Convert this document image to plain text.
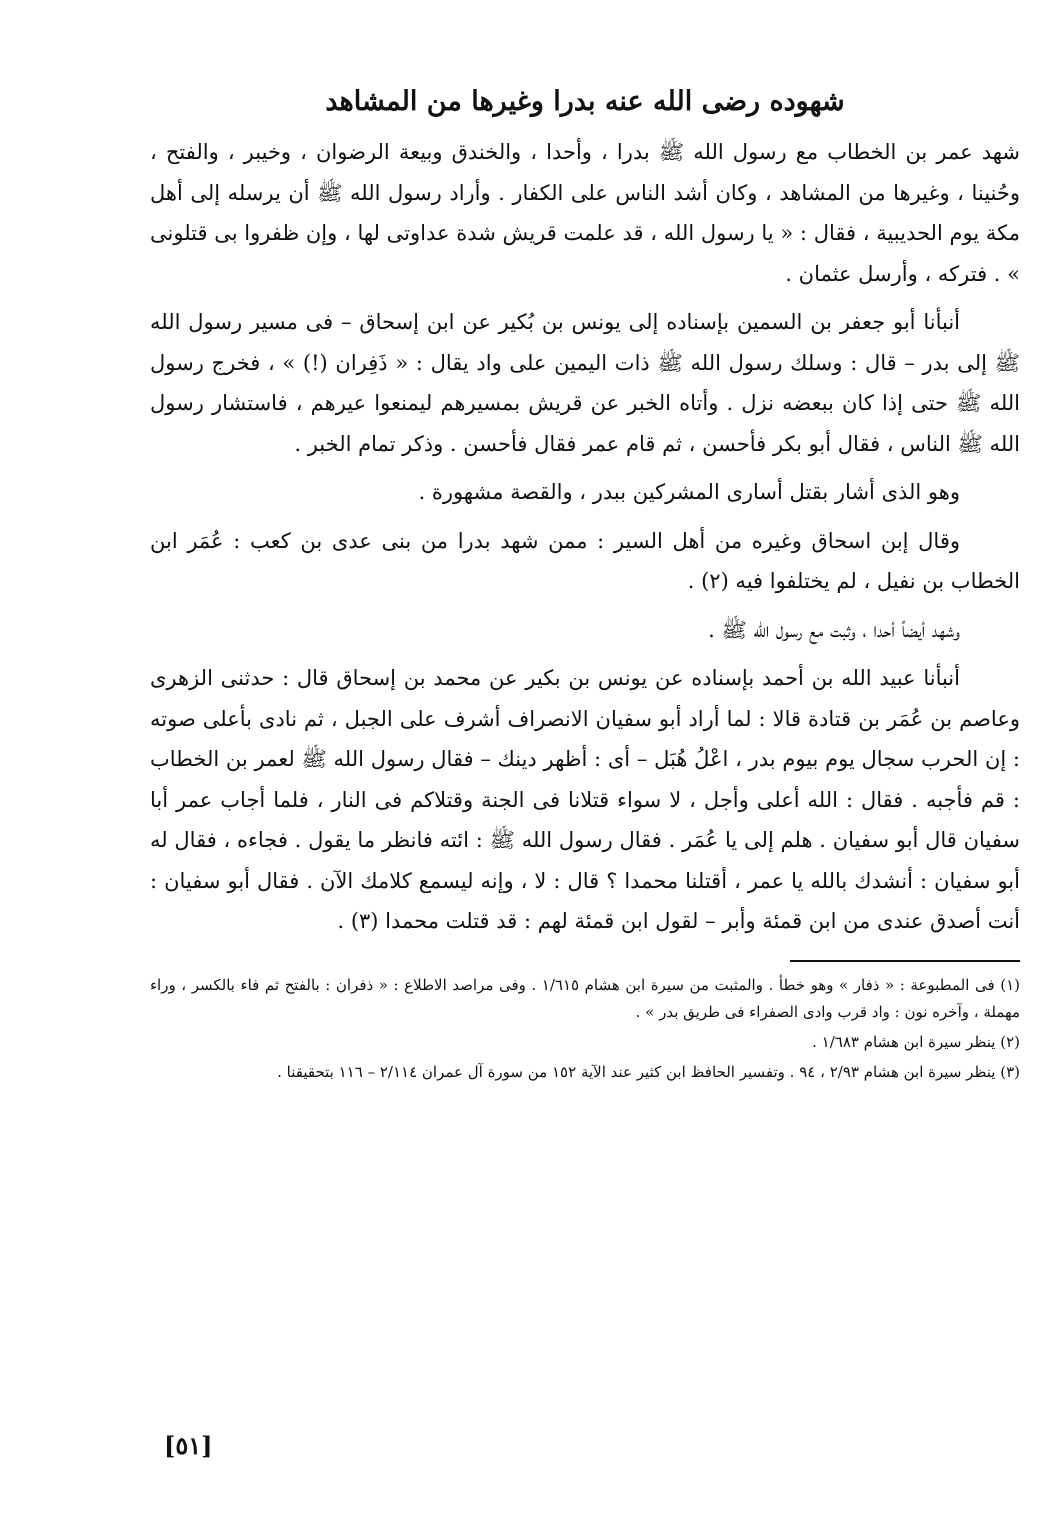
شهوده رضى الله عنه بدرا وغيرها من المشاهد

شهد عمر بن الخطاب مع رسول الله ﷺ بدرا ، وأحدا ، والخندق وبيعة الرضوان ، وخيبر ، والفتح ، وحُنينا ، وغيرها من المشاهد ، وكان أشد الناس على الكفار . وأراد رسول الله ﷺ أن يرسله إلى أهل مكة يوم الحديبية ، فقال : « يا رسول الله ، قد علمت قريش شدة عداوتى لها ، وإن ظفروا بى قتلونى » . فتركه ، وأرسل عثمان .

أنبأنا أبو جعفر بن السمين بإسناده إلى يونس بن بُكير عن ابن إسحاق – فى مسير رسول الله ﷺ إلى بدر – قال : وسلك رسول الله ﷺ ذات اليمين على واد يقال : « ذَفِران (!) » ، فخرج رسول الله ﷺ حتى إذا كان ببعضه نزل . وأتاه الخبر عن قريش بمسيرهم ليمنعوا عيرهم ، فاستشار رسول الله ﷺ الناس ، فقال أبو بكر فأحسن ، ثم قام عمر فقال فأحسن . وذكر تمام الخبر .

وهو الذى أشار بقتل أسارى المشركين ببدر ، والقصة مشهورة .

وقال إبن اسحاق وغيره من أهل السير : ممن شهد بدرا من بنى عدى بن كعب : عُمَر ابن الخطاب بن نفيل ، لم يختلفوا فيه (٢) .

وشهد أيضاً أحدا ، وثبت مع رسول الله ﷺ .

أنبأنا عبيد الله بن أحمد بإسناده عن يونس بن بكير عن محمد بن إسحاق قال : حدثنى الزهرى وعاصم بن عُمَر بن قتادة قالا : لما أراد أبو سفيان الانصراف أشرف على الجبل ، ثم نادى بأعلى صوته : إن الحرب سجال يوم بيوم بدر ، اعْلُ هُبَل – أى : أظهر دينك – فقال رسول الله ﷺ لعمر بن الخطاب : قم فأجبه . فقال : الله أعلى وأجل ، لا سواء قتلانا فى الجنة وقتلاكم فى النار ، فلما أجاب عمر أبا سفيان قال أبو سفيان . هلم إلى يا عُمَر . فقال رسول الله ﷺ : ائته فانظر ما يقول . فجاءه ، فقال له أبو سفيان : أنشدك بالله يا عمر ، أقتلنا محمدا ؟ قال : لا ، وإنه ليسمع كلامك الآن . فقال أبو سفيان : أنت أصدق عندى من ابن قمئة وأبر – لقول ابن قمئة لهم : قد قتلت محمدا (٣) .

(١) فى المطبوعة : « ذفار » وهو خطأ . والمثبت من سيرة ابن هشام ١/٦١٥ . وفى مراصد الاطلاع : « ذفران : بالفتح ثم فاء بالكسر ، وراء مهملة ، وآخره نون : واد قرب وادى الصفراء فى طريق بدر » .

(٢) ينظر سيرة ابن هشام ١/٦٨٣ .

(٣) ينظر سيرة ابن هشام ٢/٩٣ ، ٩٤ . وتفسير الحافظ ابن كثير عند الآية ١٥٢ من سورة آل عمران ٢/١١٤ – ١١٦ بتحقيقنا .

[٥١]
